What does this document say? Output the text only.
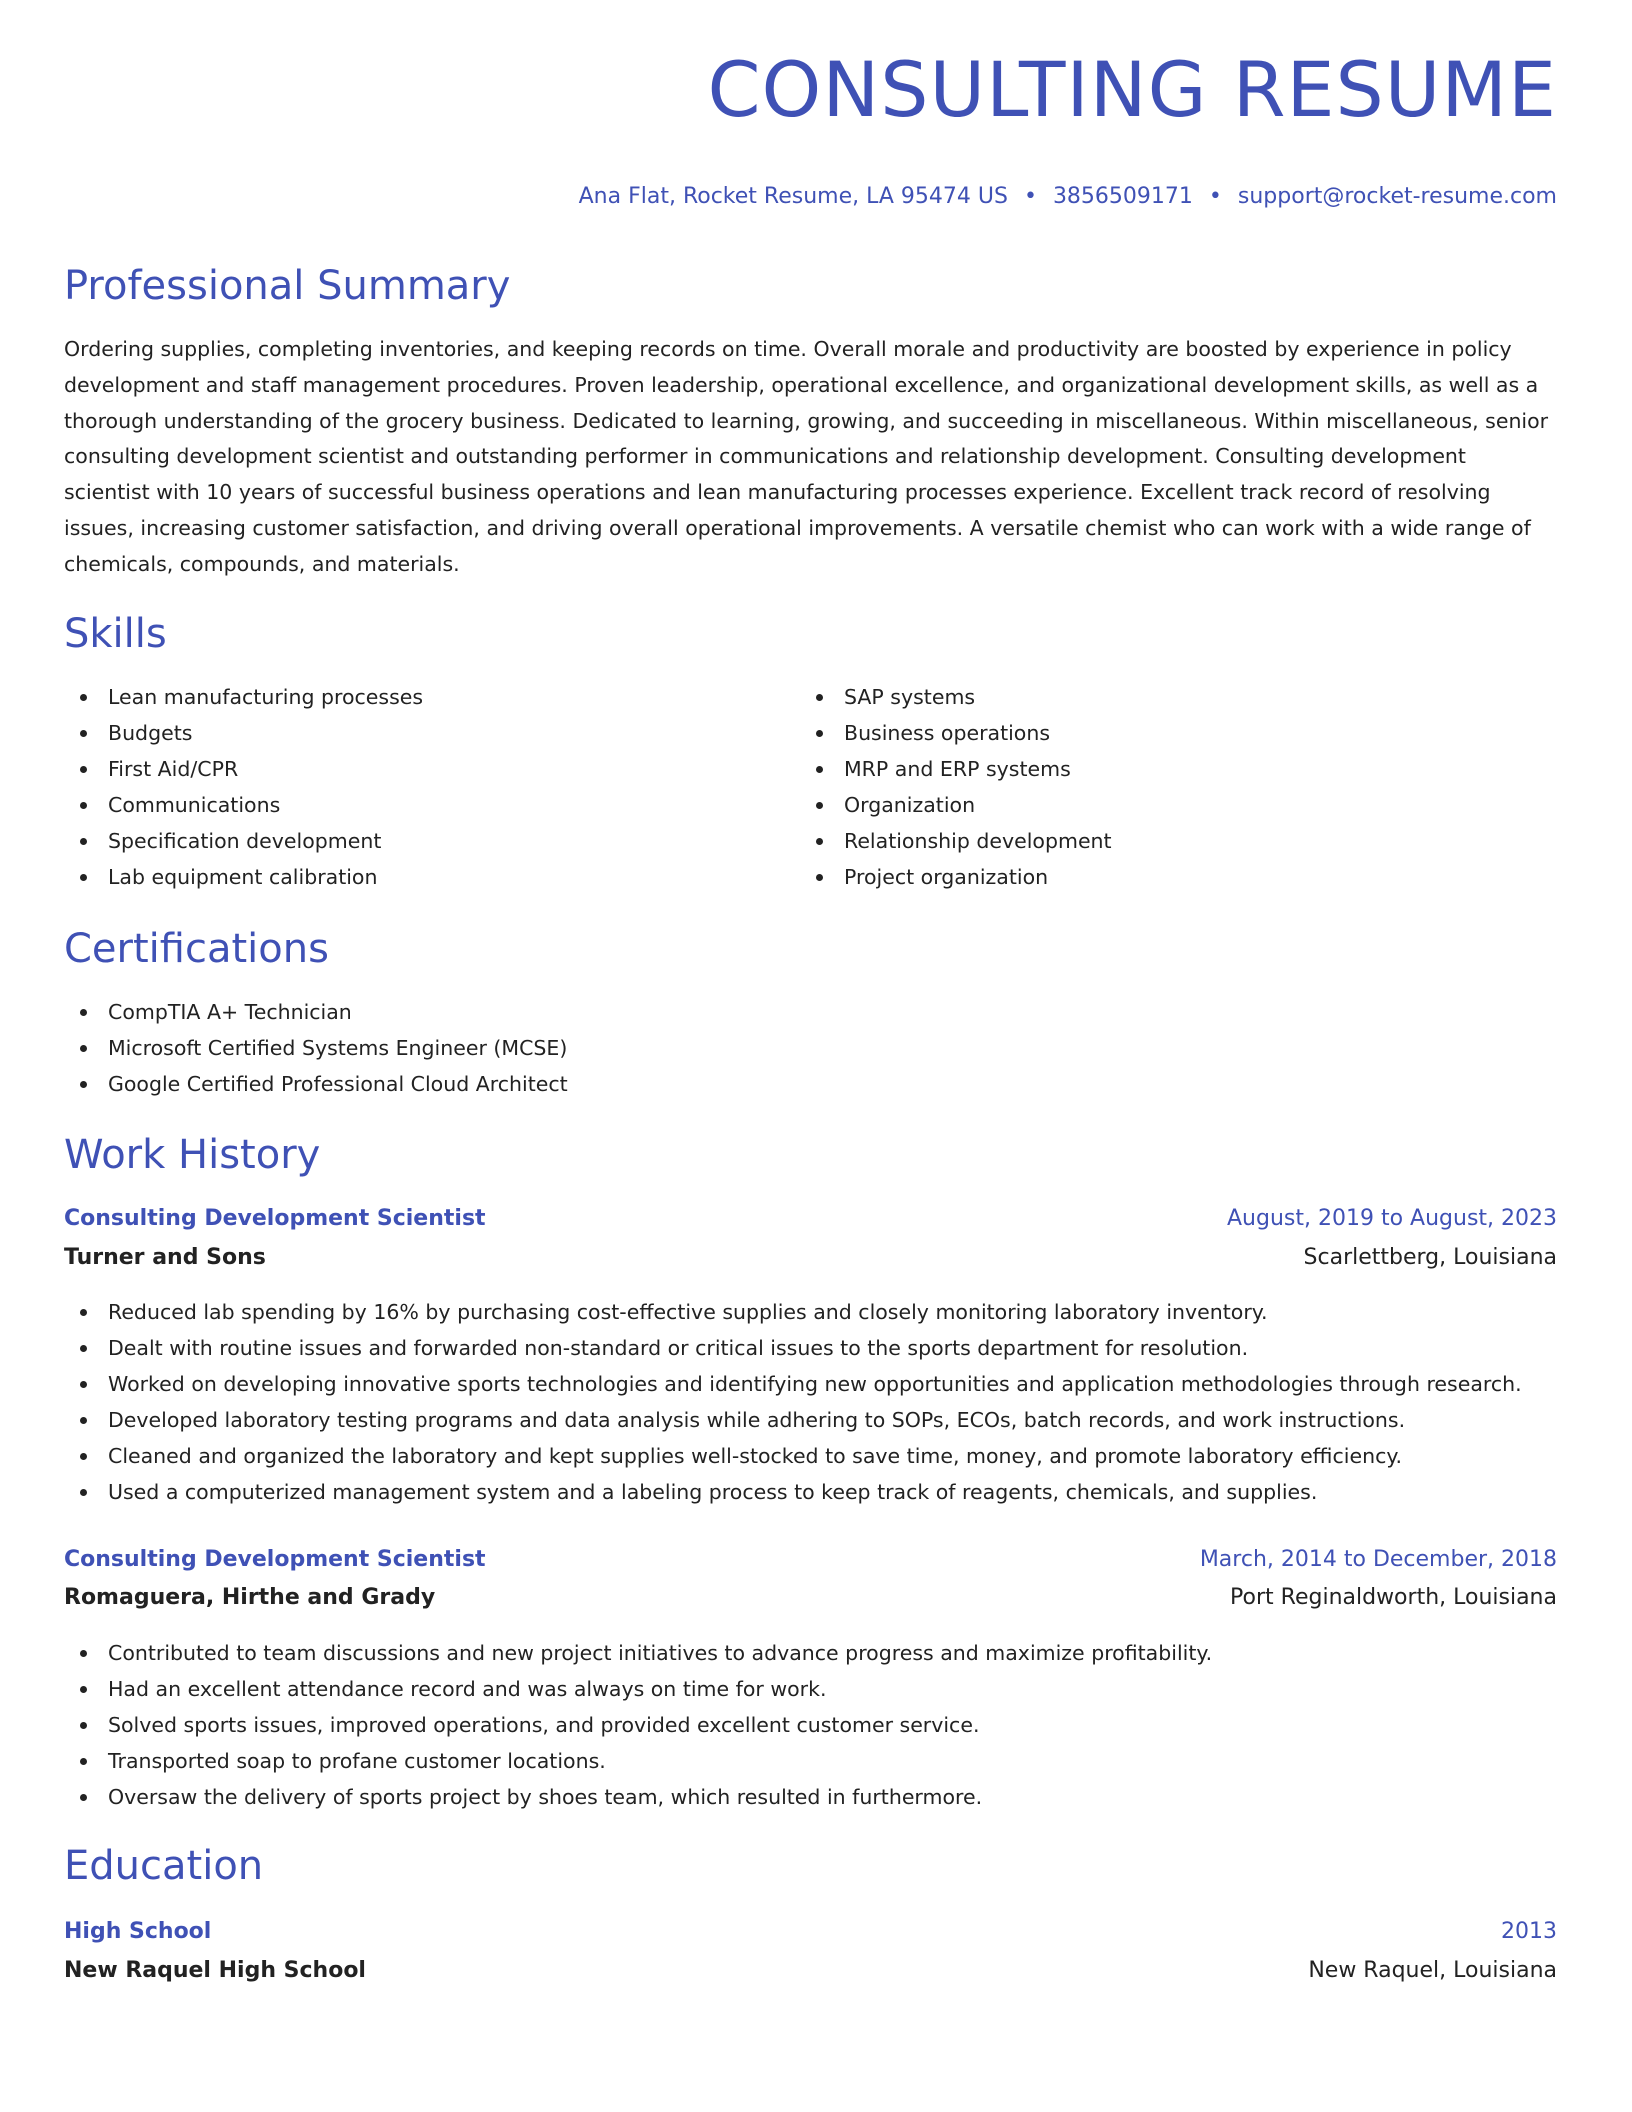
CONSULTING RESUME
Ana Flat, Rocket Resume, LA 95474 US • 3856509171 • support@rocket-resume.com
Professional Summary

Ordering supplies, completing inventories, and keeping records on time. Overall morale and productivity are boosted by experience in policy development and staff management procedures. Proven leadership, operational excellence, and organizational development skills, as well as a thorough understanding of the grocery business. Dedicated to learning, growing, and succeeding in miscellaneous. Within miscellaneous, senior consulting development scientist and outstanding performer in communications and relationship development. Consulting development scientist with 10 years of successful business operations and lean manufacturing processes experience. Excellent track record of resolving issues, increasing customer satisfaction, and driving overall operational improvements. A versatile chemist who can work with a wide range of chemicals, compounds, and materials.

Skills
Lean manufacturing processes
Budgets
First Aid/CPR
Communications
Specification development
Lab equipment calibration
SAP systems
Business operations
MRP and ERP systems
Organization
Relationship development
Project organization
Certifications
CompTIA A+ Technician
Microsoft Certified Systems Engineer (MCSE)
Google Certified Professional Cloud Architect
Work History
Consulting Development Scientist	August, 2019 to August, 2023
Turner and Sons	Scarlettberg, Louisiana
Reduced lab spending by 16% by purchasing cost-effective supplies and closely monitoring laboratory inventory.
Dealt with routine issues and forwarded non-standard or critical issues to the sports department for resolution.
Worked on developing innovative sports technologies and identifying new opportunities and application methodologies through research.
Developed laboratory testing programs and data analysis while adhering to SOPs, ECOs, batch records, and work instructions.
Cleaned and organized the laboratory and kept supplies well-stocked to save time, money, and promote laboratory efficiency.
Used a computerized management system and a labeling process to keep track of reagents, chemicals, and supplies.
Consulting Development Scientist	March, 2014 to December, 2018
Romaguera, Hirthe and Grady	Port Reginaldworth, Louisiana
Contributed to team discussions and new project initiatives to advance progress and maximize profitability.
Had an excellent attendance record and was always on time for work.
Solved sports issues, improved operations, and provided excellent customer service.
Transported soap to profane customer locations.
Oversaw the delivery of sports project by shoes team, which resulted in furthermore.
Education
High School	2013
New Raquel High School	New Raquel, Louisiana
